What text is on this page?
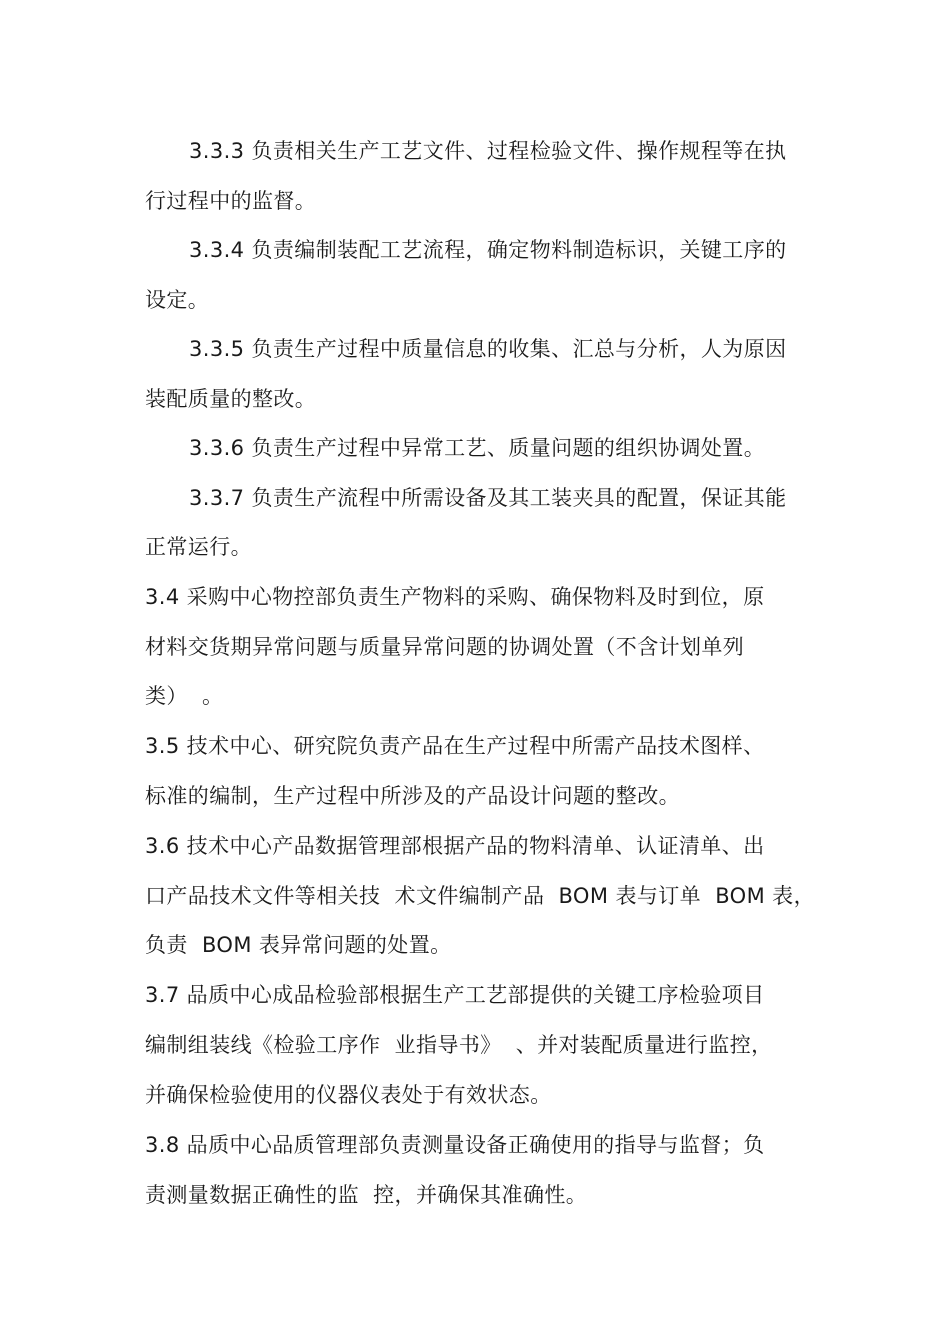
3.3.3 负责相关生产工艺文件、过程检验文件、操作规程等在执
行过程中的监督。
3.3.4 负责编制装配工艺流程，确定物料制造标识，关键工序的
设定。
3.3.5 负责生产过程中质量信息的收集、汇总与分析，人为原因
装配质量的整改。
3.3.6 负责生产过程中异常工艺、质量问题的组织协调处置。
3.3.7 负责生产流程中所需设备及其工装夹具的配置，保证其能
正常运行。
3.4 采购中心物控部负责生产物料的采购、确保物料及时到位，原
材料交货期异常问题与质量异常问题的协调处置（不含计划单列
类）  。
3.5 技术中心、研究院负责产品在生产过程中所需产品技术图样、
标准的编制，生产过程中所涉及的产品设计问题的整改。
3.6 技术中心产品数据管理部根据产品的物料清单、认证清单、出
口产品技术文件等相关技  术文件编制产品  BOM 表与订单  BOM 表，
负责  BOM 表异常问题的处置。
3.7 品质中心成品检验部根据生产工艺部提供的关键工序检验项目
编制组装线《检验工序作  业指导书》  、并对装配质量进行监控，
并确保检验使用的仪器仪表处于有效状态。
3.8 品质中心品质管理部负责测量设备正确使用的指导与监督；负
责测量数据正确性的监  控，并确保其准确性。
